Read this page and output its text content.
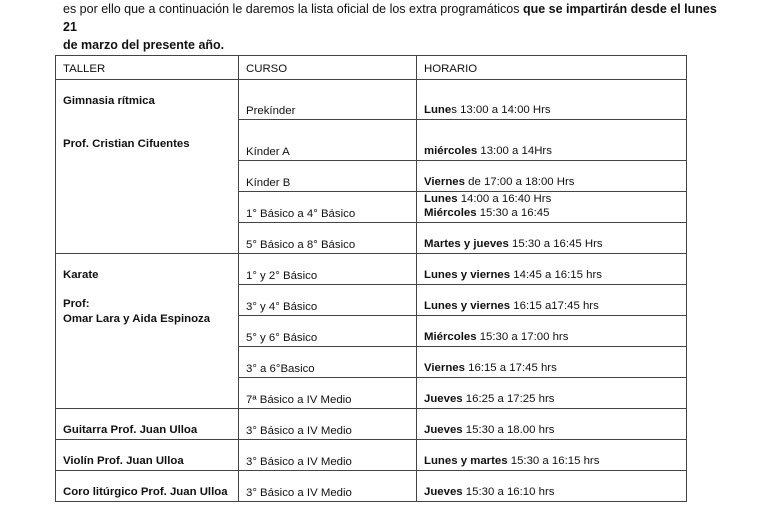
es por ello que a continuación le daremos la lista oficial de los extra programáticos que se impartirán desde el lunes 21
de marzo del presente año.
TALLER	CURSO	HORARIO

Gimnasia rítmica
Prof. Cristian Cifuentes	Prekínder	Lunes 13:00 a 14:00 Hrs

	Kínder A	miércoles 13:00 a 14Hrs

	Kínder B	Viernes de 17:00 a 18:00 Hrs

	1° Básico a 4° Básico	Lunes 14:00 a 16:40 Hrs
Miércoles 15:30 a 16:45

	5° Básico a 8° Básico	Martes y jueves 15:30 a 16:45 Hrs

Karate
Prof:
Omar Lara y Aida Espinoza	1° y 2° Básico	Lunes y viernes 14:45 a 16:15 hrs

	3° y 4° Básico	Lunes y viernes 16:15 a17:45 hrs

	5° y 6° Básico	Miércoles 15:30 a 17:00 hrs

	3° a 6°Basico	Viernes 16:15 a 17:45 hrs

	7ª Básico a IV Medio	Jueves 16:25 a 17:25 hrs

Guitarra Prof. Juan Ulloa	3° Básico a IV Medio	Jueves 15:30 a 18.00 hrs

Violín Prof. Juan Ulloa	3° Básico a IV Medio	Lunes y martes 15:30 a 16:15 hrs

Coro litúrgico Prof. Juan Ulloa	3° Básico a IV Medio	Jueves 15:30 a 16:10 hrs
